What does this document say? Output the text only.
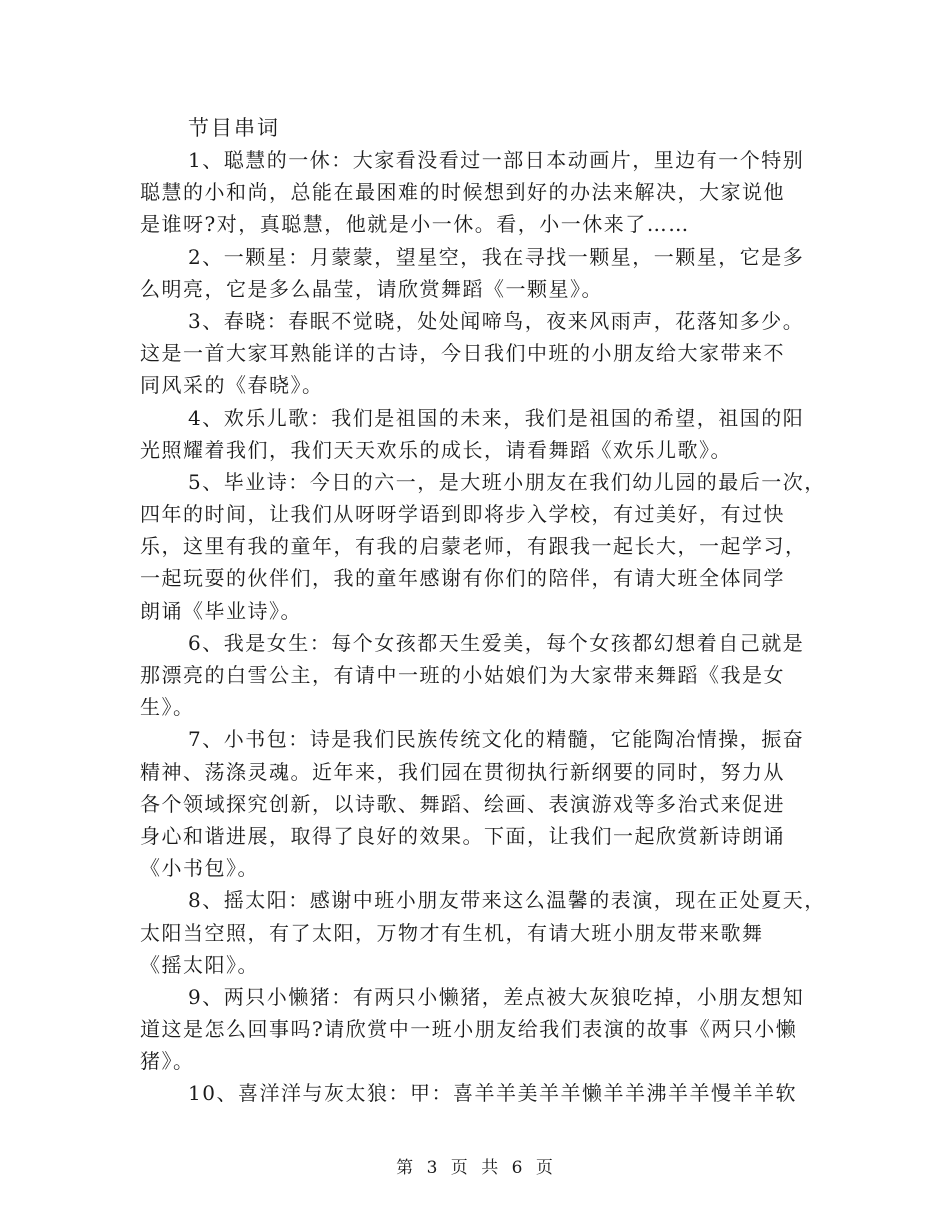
节目串词
1、聪慧的一休：大家看没看过一部日本动画片，里边有一个特别
聪慧的小和尚，总能在最困难的时候想到好的办法来解决，大家说他
是谁呀?对，真聪慧，他就是小一休。看，小一休来了……
2、一颗星：月蒙蒙，望星空，我在寻找一颗星，一颗星，它是多
么明亮，它是多么晶莹，请欣赏舞蹈《一颗星》。
3、春晓：春眠不觉晓，处处闻啼鸟，夜来风雨声，花落知多少。
这是一首大家耳熟能详的古诗，今日我们中班的小朋友给大家带来不
同风采的《春晓》。
4、欢乐儿歌：我们是祖国的未来，我们是祖国的希望，祖国的阳
光照耀着我们，我们天天欢乐的成长，请看舞蹈《欢乐儿歌》。
5、毕业诗：今日的六一，是大班小朋友在我们幼儿园的最后一次，
四年的时间，让我们从呀呀学语到即将步入学校，有过美好，有过快
乐，这里有我的童年，有我的启蒙老师，有跟我一起长大，一起学习，
一起玩耍的伙伴们，我的童年感谢有你们的陪伴，有请大班全体同学
朗诵《毕业诗》。
6、我是女生：每个女孩都天生爱美，每个女孩都幻想着自己就是
那漂亮的白雪公主，有请中一班的小姑娘们为大家带来舞蹈《我是女
生》。
7、小书包：诗是我们民族传统文化的精髓，它能陶冶情操，振奋
精神、荡涤灵魂。近年来，我们园在贯彻执行新纲要的同时，努力从
各个领域探究创新，以诗歌、舞蹈、绘画、表演游戏等多治式来促进
身心和谐进展，取得了良好的效果。下面，让我们一起欣赏新诗朗诵
《小书包》。
8、摇太阳：感谢中班小朋友带来这么温馨的表演，现在正处夏天，
太阳当空照，有了太阳，万物才有生机，有请大班小朋友带来歌舞
《摇太阳》。
9、两只小懒猪：有两只小懒猪，差点被大灰狼吃掉，小朋友想知
道这是怎么回事吗?请欣赏中一班小朋友给我们表演的故事《两只小懒
猪》。
10、喜洋洋与灰太狼：甲：喜羊羊美羊羊懒羊羊沸羊羊慢羊羊软
第 3 页 共 6 页
